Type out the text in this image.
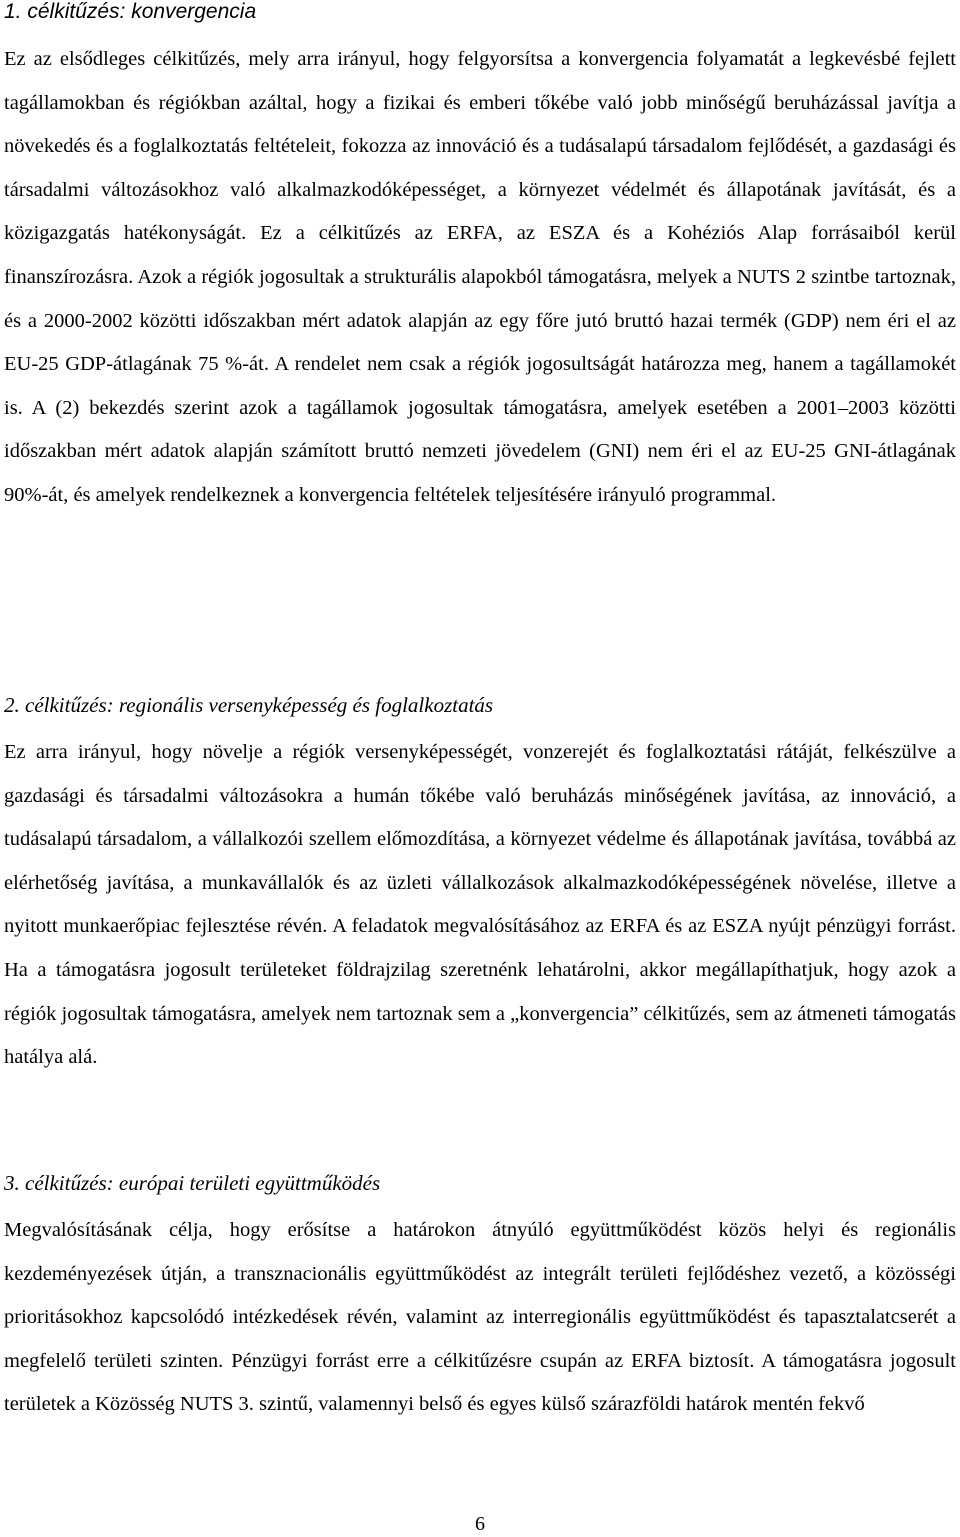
1. célkitűzés: konvergencia

Ez az elsődleges célkitűzés, mely arra irányul, hogy felgyorsítsa a konvergencia folyamatát a legkevésbé fejlett tagállamokban és régiókban azáltal, hogy a fizikai és emberi tőkébe való jobb minőségű beruházással javítja a növekedés és a foglalkoztatás feltételeit, fokozza az innováció és a tudásalapú társadalom fejlődését, a gazdasági és társadalmi változásokhoz való alkalmazkodóképességet, a környezet védelmét és állapotának javítását, és a közigazgatás hatékonyságát. Ez a célkitűzés az ERFA, az ESZA és a Kohéziós Alap forrásaiból kerül finanszírozásra. Azok a régiók jogosultak a strukturális alapokból támogatásra, melyek a NUTS 2 szintbe tartoznak, és a 2000-2002 közötti időszakban mért adatok alapján az egy főre jutó bruttó hazai termék (GDP) nem éri el az EU-25 GDP-átlagának 75 %-át. A rendelet nem csak a régiók jogosultságát határozza meg, hanem a tagállamokét is. A (2) bekezdés szerint azok a tagállamok jogosultak támogatásra, amelyek esetében a 2001–2003 közötti időszakban mért adatok alapján számított bruttó nemzeti jövedelem (GNI) nem éri el az EU-25 GNI-átlagának 90%-át, és amelyek rendelkeznek a konvergencia feltételek teljesítésére irányuló programmal.

2. célkitűzés: regionális versenyképesség és foglalkoztatás

Ez arra irányul, hogy növelje a régiók versenyképességét, vonzerejét és foglalkoztatási rátáját, felkészülve a gazdasági és társadalmi változásokra a humán tőkébe való beruházás minőségének javítása, az innováció, a tudásalapú társadalom, a vállalkozói szellem előmozdítása, a környezet védelme és állapotának javítása, továbbá az elérhetőség javítása, a munkavállalók és az üzleti vállalkozások alkalmazkodóképességének növelése, illetve a nyitott munkaerőpiac fejlesztése révén. A feladatok megvalósításához az ERFA és az ESZA nyújt pénzügyi forrást. Ha a támogatásra jogosult területeket földrajzilag szeretnénk lehatárolni, akkor megállapíthatjuk, hogy azok a régiók jogosultak támogatásra, amelyek nem tartoznak sem a „konvergencia” célkitűzés, sem az átmeneti támogatás hatálya alá.

3. célkitűzés: európai területi együttműködés

Megvalósításának célja, hogy erősítse a határokon átnyúló együttműködést közös helyi és regionális kezdeményezések útján, a transznacionális együttműködést az integrált területi fejlődéshez vezető, a közösségi prioritásokhoz kapcsolódó intézkedések révén, valamint az interregionális együttműködést és tapasztalatcserét a megfelelő területi szinten. Pénzügyi forrást erre a célkitűzésre csupán az ERFA biztosít. A támogatásra jogosult területek a Közösség NUTS 3. szintű, valamennyi belső és egyes külső szárazföldi határok mentén fekvő

6
